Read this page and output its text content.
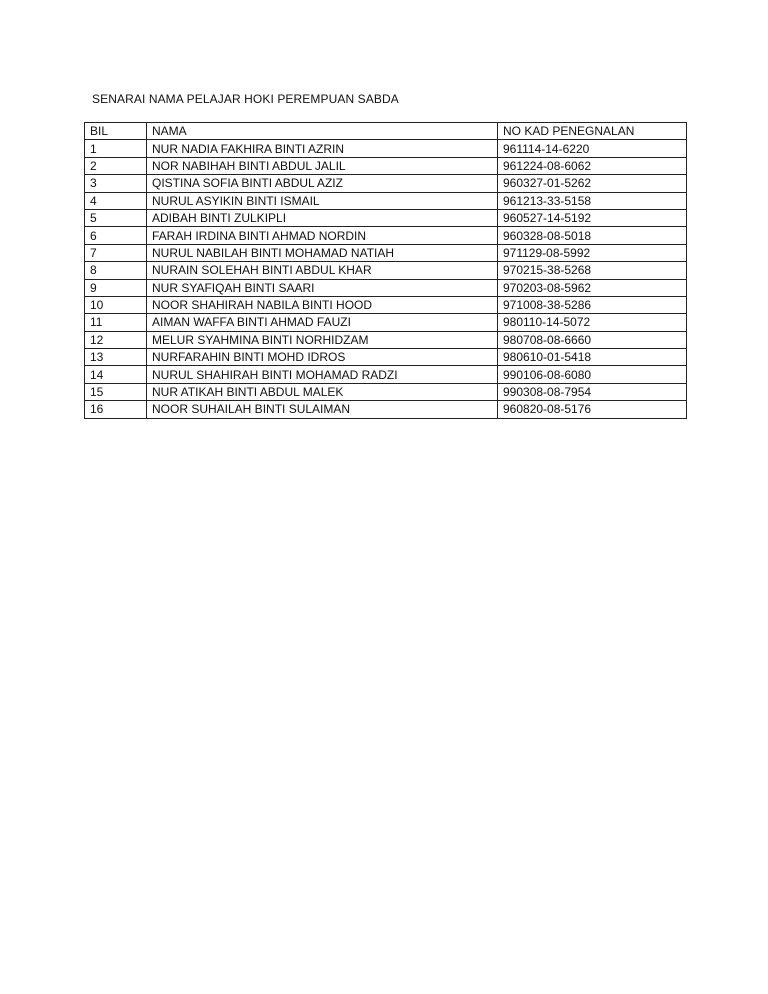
SENARAI NAMA PELAJAR HOKI PEREMPUAN SABDA
BIL	NAMA	NO KAD PENEGNALAN
1	NUR NADIA FAKHIRA BINTI AZRIN	961114-14-6220
2	NOR NABIHAH BINTI ABDUL JALIL	961224-08-6062
3	QISTINA SOFIA BINTI ABDUL AZIZ	960327-01-5262
4	NURUL ASYIKIN BINTI ISMAIL	961213-33-5158
5	ADIBAH BINTI ZULKIPLI	960527-14-5192
6	FARAH IRDINA BINTI AHMAD NORDIN	960328-08-5018
7	NURUL NABILAH BINTI MOHAMAD NATIAH	971129-08-5992
8	NURAIN SOLEHAH BINTI ABDUL KHAR	970215-38-5268
9	NUR SYAFIQAH BINTI SAARI	970203-08-5962
10	NOOR SHAHIRAH NABILA BINTI HOOD	971008-38-5286
11	AIMAN WAFFA BINTI AHMAD FAUZI	980110-14-5072
12	MELUR SYAHMINA BINTI NORHIDZAM	980708-08-6660
13	NURFARAHIN BINTI MOHD IDROS	980610-01-5418
14	NURUL SHAHIRAH BINTI MOHAMAD RADZI	990106-08-6080
15	NUR ATIKAH BINTI ABDUL MALEK	990308-08-7954
16	NOOR SUHAILAH BINTI SULAIMAN	960820-08-5176
